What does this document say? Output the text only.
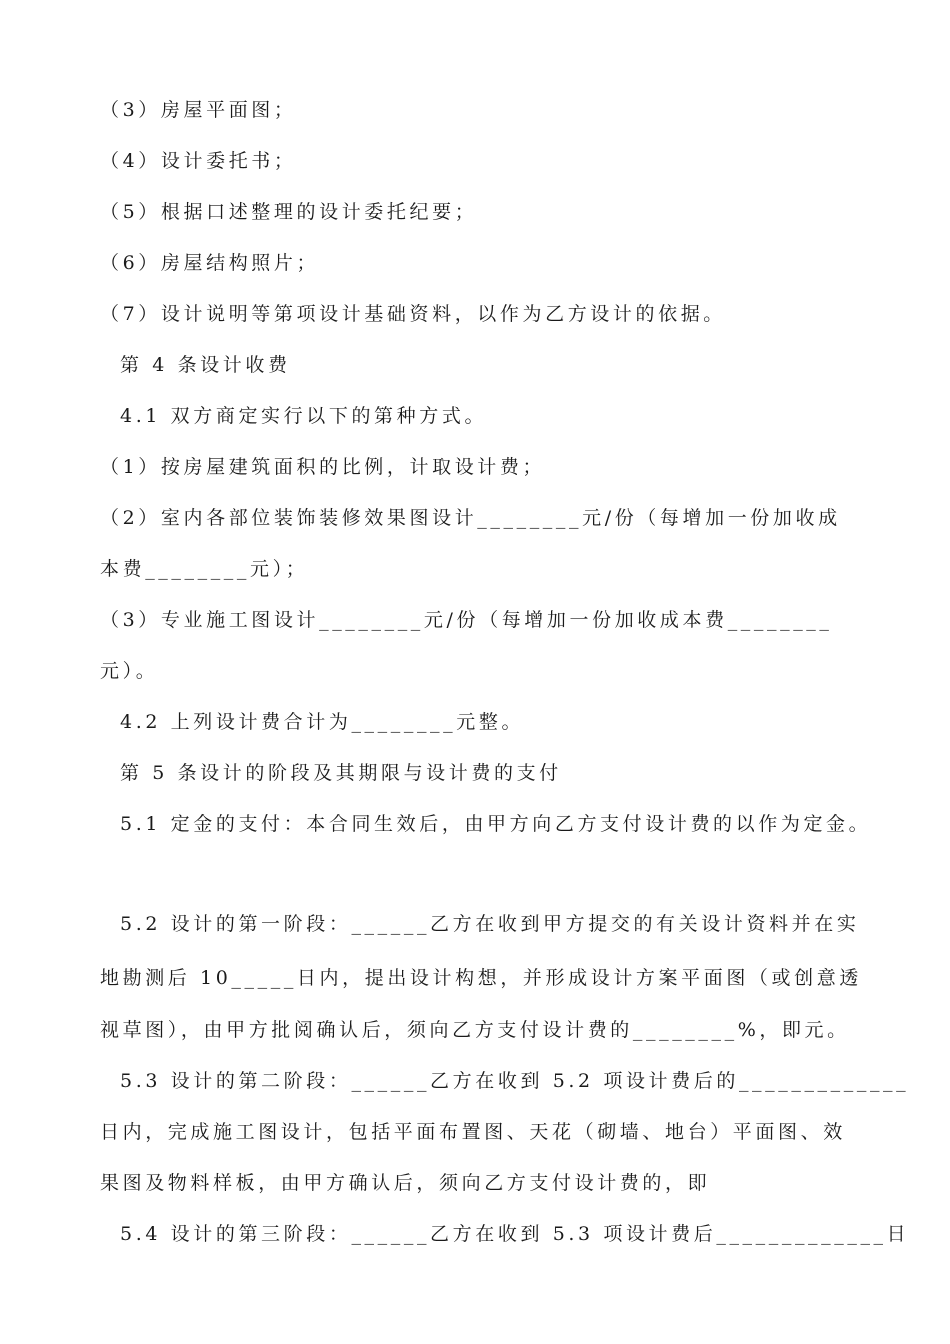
（3）房屋平面图；
（4）设计委托书；
（5）根据口述整理的设计委托纪要；
（6）房屋结构照片；
（7）设计说明等第项设计基础资料，以作为乙方设计的依据。
第 4 条设计收费
4.1 双方商定实行以下的第种方式。
（1）按房屋建筑面积的比例，计取设计费；
（2）室内各部位装饰装修效果图设计________元/份（每增加一份加收成
本费________元）；
（3）专业施工图设计________元/份（每增加一份加收成本费________
元）。
4.2 上列设计费合计为________元整。
第 5 条设计的阶段及其期限与设计费的支付
5.1 定金的支付：本合同生效后，由甲方向乙方支付设计费的以作为定金。
5.2 设计的第一阶段：______乙方在收到甲方提交的有关设计资料并在实
地勘测后 10_____日内，提出设计构想，并形成设计方案平面图（或创意透
视草图），由甲方批阅确认后，须向乙方支付设计费的________%，即元。
5.3 设计的第二阶段：______乙方在收到 5.2 项设计费后的_____________
日内，完成施工图设计，包括平面布置图、天花（砌墙、地台）平面图、效
果图及物料样板，由甲方确认后，须向乙方支付设计费的，即
5.4 设计的第三阶段：______乙方在收到 5.3 项设计费后_____________日
